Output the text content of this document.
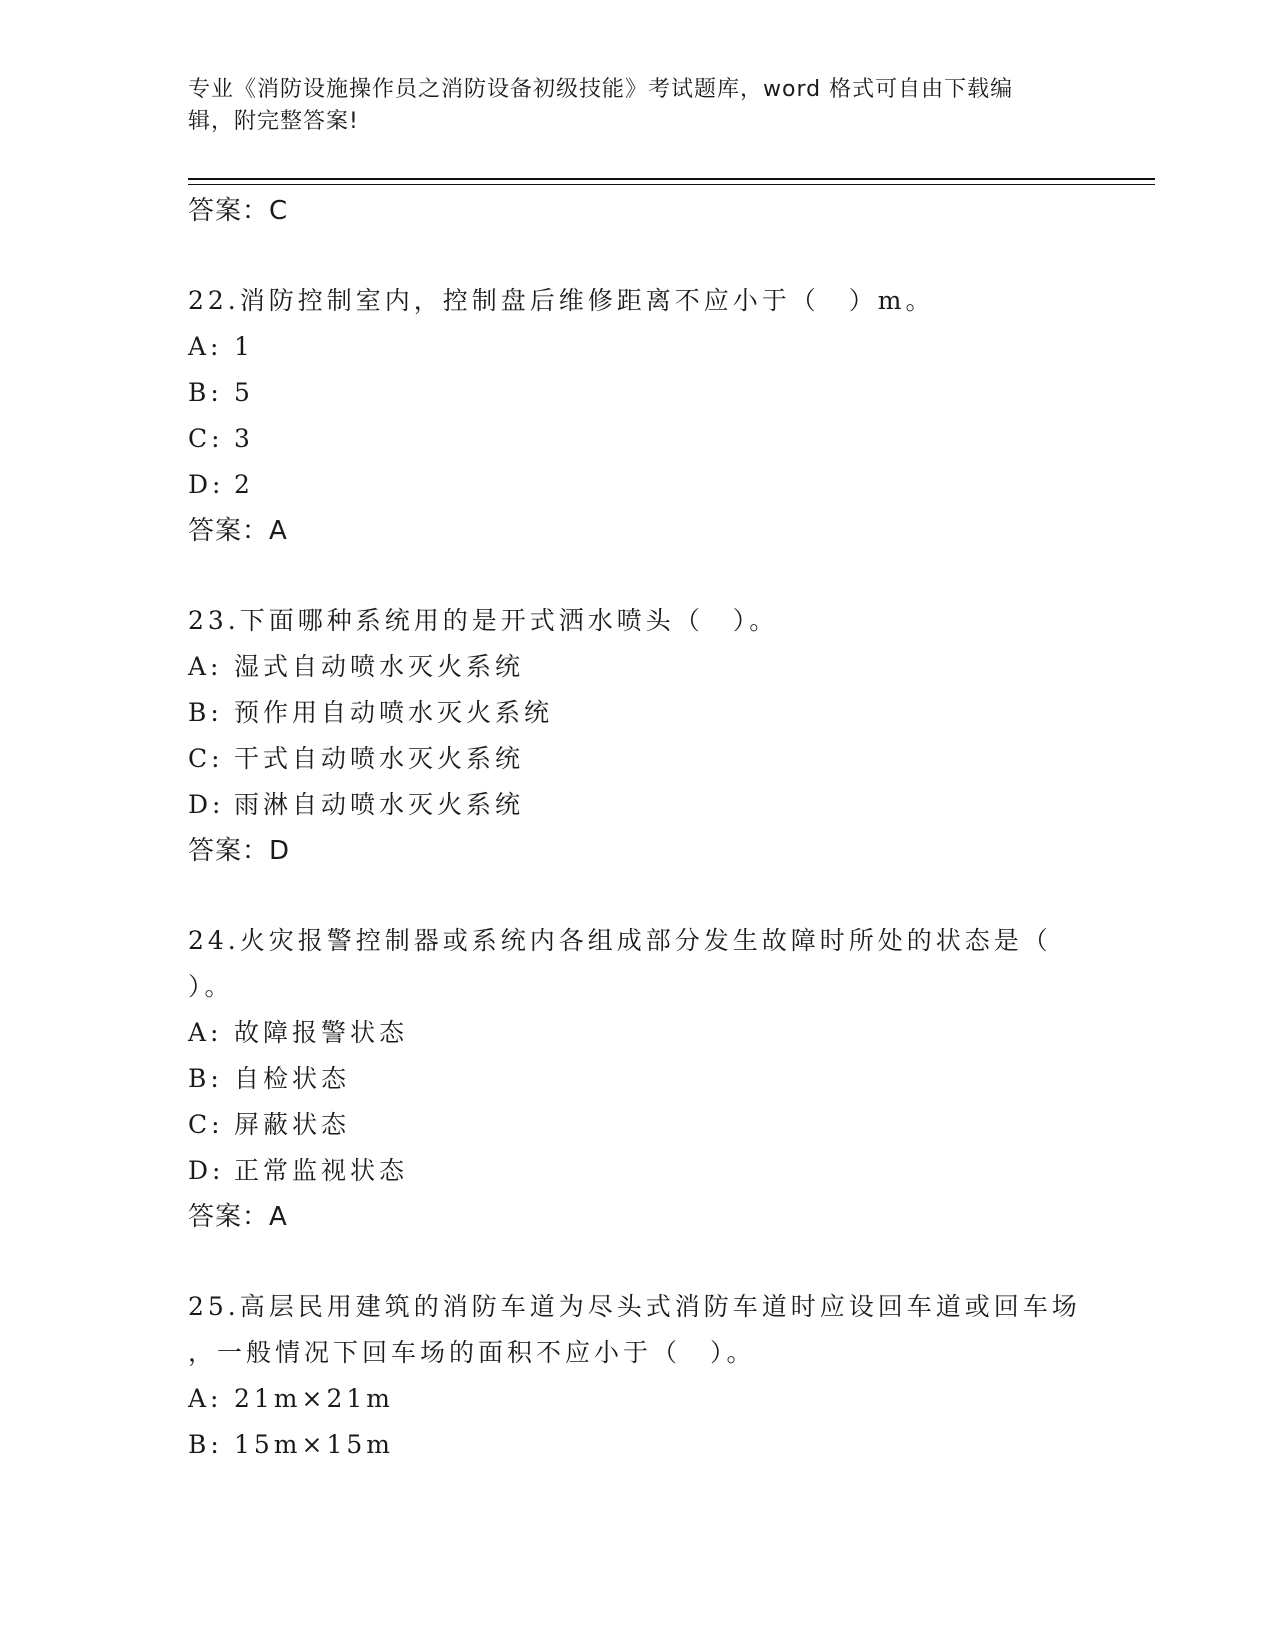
专业《消防设施操作员之消防设备初级技能》考试题库，word 格式可自由下载编
辑，附完整答案!
答案：C
22.消防控制室内，控制盘后维修距离不应小于（　）m。
A: 1
B: 5
C: 3
D: 2
答案：A
23.下面哪种系统用的是开式洒水喷头（　）。
A: 湿式自动喷水灭火系统
B: 预作用自动喷水灭火系统
C: 干式自动喷水灭火系统
D: 雨淋自动喷水灭火系统
答案：D
24.火灾报警控制器或系统内各组成部分发生故障时所处的状态是（
）。
A: 故障报警状态
B: 自检状态
C: 屏蔽状态
D: 正常监视状态
答案：A
25.高层民用建筑的消防车道为尽头式消防车道时应设回车道或回车场
，一般情况下回车场的面积不应小于（　）。
A: 21m×21m
B: 15m×15m
